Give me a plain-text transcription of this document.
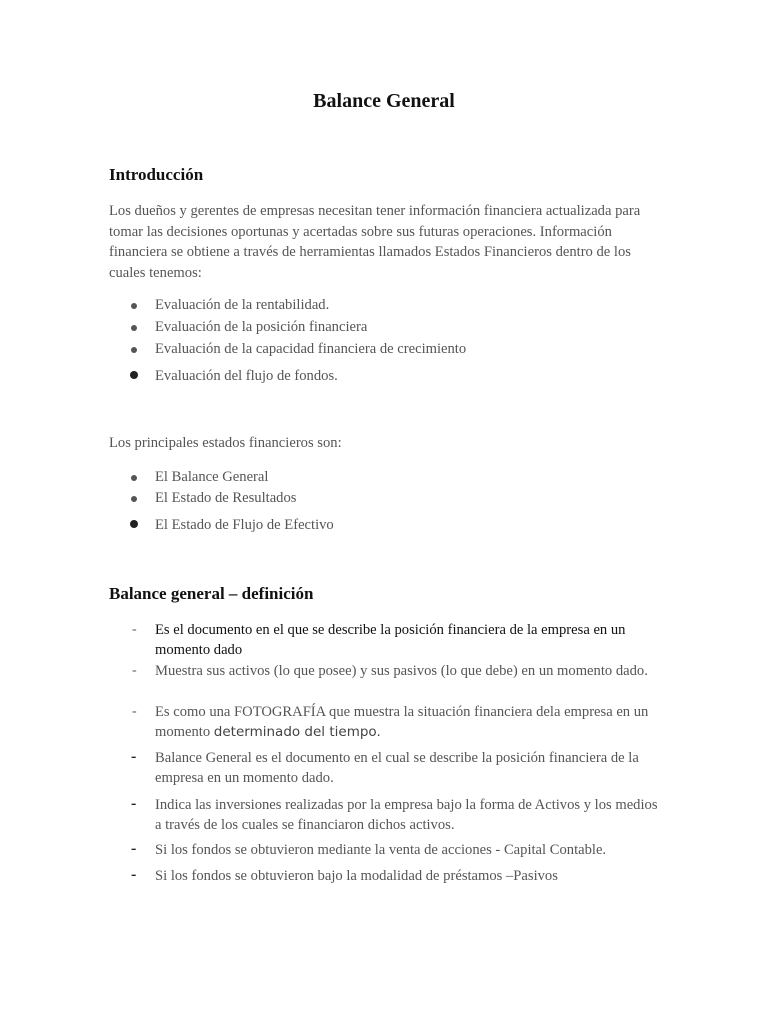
Balance General
Introducción
Los dueños y gerentes de empresas necesitan tener información financiera actualizada para tomar las decisiones oportunas y acertadas sobre sus futuras operaciones. Información financiera se obtiene a través de herramientas llamados Estados Financieros dentro de los cuales tenemos:
Evaluación de la rentabilidad.
Evaluación de la posición financiera
Evaluación de la capacidad financiera de crecimiento
Evaluación del flujo de fondos.
Los principales estados financieros son:
El Balance General
El Estado de Resultados
El Estado de Flujo de Efectivo
Balance general – definición
- Es el documento en el que se describe la posición financiera de la empresa en un momento dado
- Muestra sus activos (lo que posee) y sus pasivos (lo que debe) en un momento dado.
- Es como una FOTOGRAFÍA que muestra la situación financiera dela empresa en un momento determinado del tiempo.
- Balance General es el documento en el cual se describe la posición financiera de la empresa en un momento dado.
- Indica las inversiones realizadas por la empresa bajo la forma de Activos y los medios a través de los cuales se financiaron dichos activos.
- Si los fondos se obtuvieron mediante la venta de acciones - Capital Contable.
- Si los fondos se obtuvieron bajo la modalidad de préstamos –Pasivos
